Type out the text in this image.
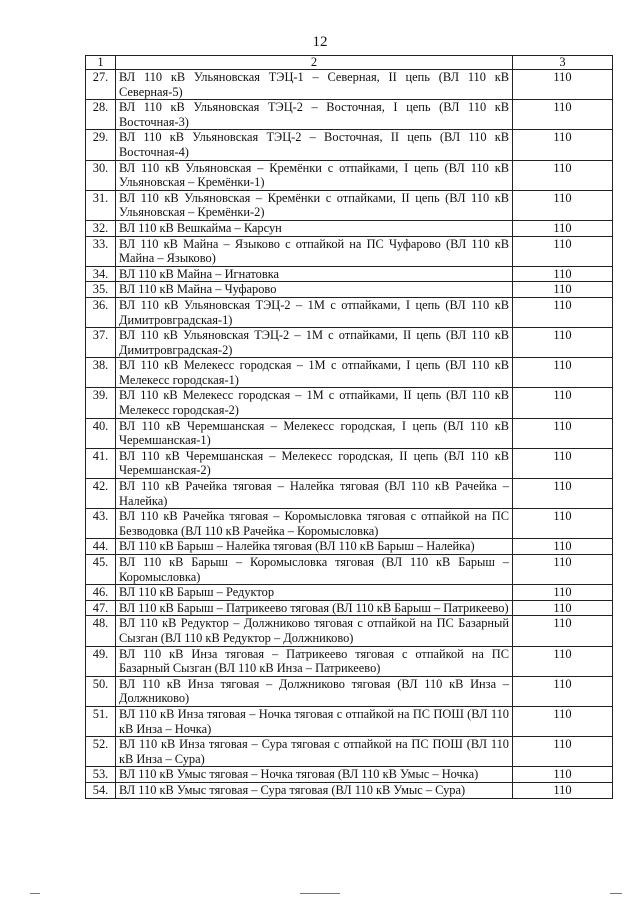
12
1	2	3
27.	ВЛ 110 кВ Ульяновская ТЭЦ-1 – Северная, II цепь (ВЛ 110 кВ Северная-5)	110
28.	ВЛ 110 кВ Ульяновская ТЭЦ-2 – Восточная, I цепь (ВЛ 110 кВ Восточная-3)	110
29.	ВЛ 110 кВ Ульяновская ТЭЦ-2 – Восточная, II цепь (ВЛ 110 кВ Восточная-4)	110
30.	ВЛ 110 кВ Ульяновская – Кремёнки с отпайками, I цепь (ВЛ 110 кВ Ульяновская – Кремёнки-1)	110
31.	ВЛ 110 кВ Ульяновская – Кремёнки с отпайками, II цепь (ВЛ 110 кВ Ульяновская – Кремёнки-2)	110
32.	ВЛ 110 кВ Вешкайма – Карсун	110
33.	ВЛ 110 кВ Майна – Языково с отпайкой на ПС Чуфарово (ВЛ 110 кВ Майна – Языково)	110
34.	ВЛ 110 кВ Майна – Игнатовка	110
35.	ВЛ 110 кВ Майна – Чуфарово	110
36.	ВЛ 110 кВ Ульяновская ТЭЦ-2 – 1М с отпайками, I цепь (ВЛ 110 кВ Димитровградская-1)	110
37.	ВЛ 110 кВ Ульяновская ТЭЦ-2 – 1М с отпайками, II цепь (ВЛ 110 кВ Димитровградская-2)	110
38.	ВЛ 110 кВ Мелекесс городская – 1М с отпайками, I цепь (ВЛ 110 кВ Мелекесс городская-1)	110
39.	ВЛ 110 кВ Мелекесс городская – 1М с отпайками, II цепь (ВЛ 110 кВ Мелекесс городская-2)	110
40.	ВЛ 110 кВ Черемшанская – Мелекесс городская, I цепь (ВЛ 110 кВ Черемшанская-1)	110
41.	ВЛ 110 кВ Черемшанская – Мелекесс городская, II цепь (ВЛ 110 кВ Черемшанская-2)	110
42.	ВЛ 110 кВ Рачейка тяговая – Налейка тяговая (ВЛ 110 кВ Рачейка – Налейка)	110
43.	ВЛ 110 кВ Рачейка тяговая – Коромысловка тяговая с отпайкой на ПС Безводовка (ВЛ 110 кВ Рачейка – Коромысловка)	110
44.	ВЛ 110 кВ Барыш – Налейка тяговая (ВЛ 110 кВ Барыш – Налейка)	110
45.	ВЛ 110 кВ Барыш – Коромысловка тяговая (ВЛ 110 кВ Барыш – Коромысловка)	110
46.	ВЛ 110 кВ Барыш – Редуктор	110
47.	ВЛ 110 кВ Барыш – Патрикеево тяговая (ВЛ 110 кВ Барыш – Патрикеево)	110
48.	ВЛ 110 кВ Редуктор – Должниково тяговая с отпайкой на ПС Базарный Сызган (ВЛ 110 кВ Редуктор – Должниково)	110
49.	ВЛ 110 кВ Инза тяговая – Патрикеево тяговая с отпайкой на ПС Базарный Сызган (ВЛ 110 кВ Инза – Патрикеево)	110
50.	ВЛ 110 кВ Инза тяговая – Должниково тяговая (ВЛ 110 кВ Инза – Должниково)	110
51.	ВЛ 110 кВ Инза тяговая – Ночка тяговая с отпайкой на ПС ПОШ (ВЛ 110 кВ Инза – Ночка)	110
52.	ВЛ 110 кВ Инза тяговая – Сура тяговая с отпайкой на ПС ПОШ (ВЛ 110 кВ Инза – Сура)	110
53.	ВЛ 110 кВ Умыс тяговая – Ночка тяговая (ВЛ 110 кВ Умыс – Ночка)	110
54.	ВЛ 110 кВ Умыс тяговая – Сура тяговая (ВЛ 110 кВ Умыс – Сура)	110
